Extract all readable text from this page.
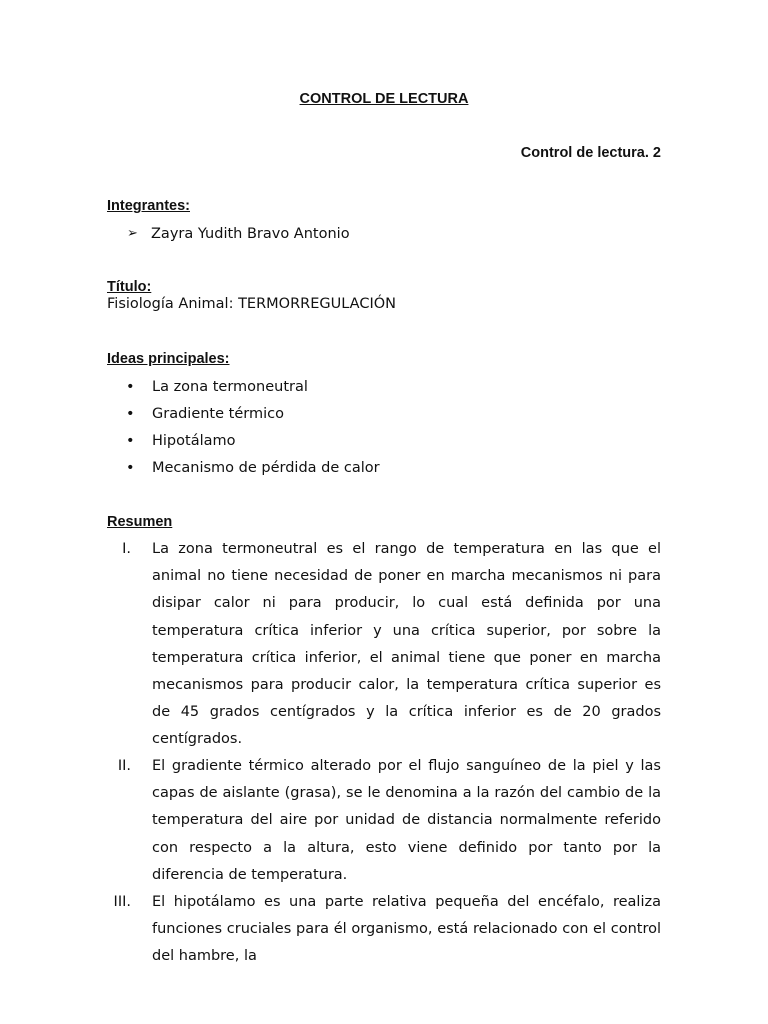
CONTROL DE LECTURA
Control de lectura. 2
Integrantes:
➢ Zayra Yudith Bravo Antonio
Título:
Fisiología Animal: TERMORREGULACIÓN
Ideas principales:
• La zona termoneutral
• Gradiente térmico
• Hipotálamo
• Mecanismo de pérdida de calor
Resumen
I. La zona termoneutral es el rango de temperatura en las que el animal no tiene necesidad de poner en marcha mecanismos ni para disipar calor ni para producir, lo cual está definida por una temperatura crítica inferior y una crítica superior, por sobre la temperatura crítica inferior, el animal tiene que poner en marcha mecanismos para producir calor, la temperatura crítica superior es de 45 grados centígrados y la crítica inferior es de 20 grados centígrados.
II. El gradiente térmico alterado por el flujo sanguíneo de la piel y las capas de aislante (grasa), se le denomina a la razón del cambio de la temperatura del aire por unidad de distancia normalmente referido con respecto a la altura, esto viene definido por tanto por la diferencia de temperatura.
III. El hipotálamo es una parte relativa pequeña del encéfalo, realiza funciones cruciales para él organismo, está relacionado con el control del hambre, la
